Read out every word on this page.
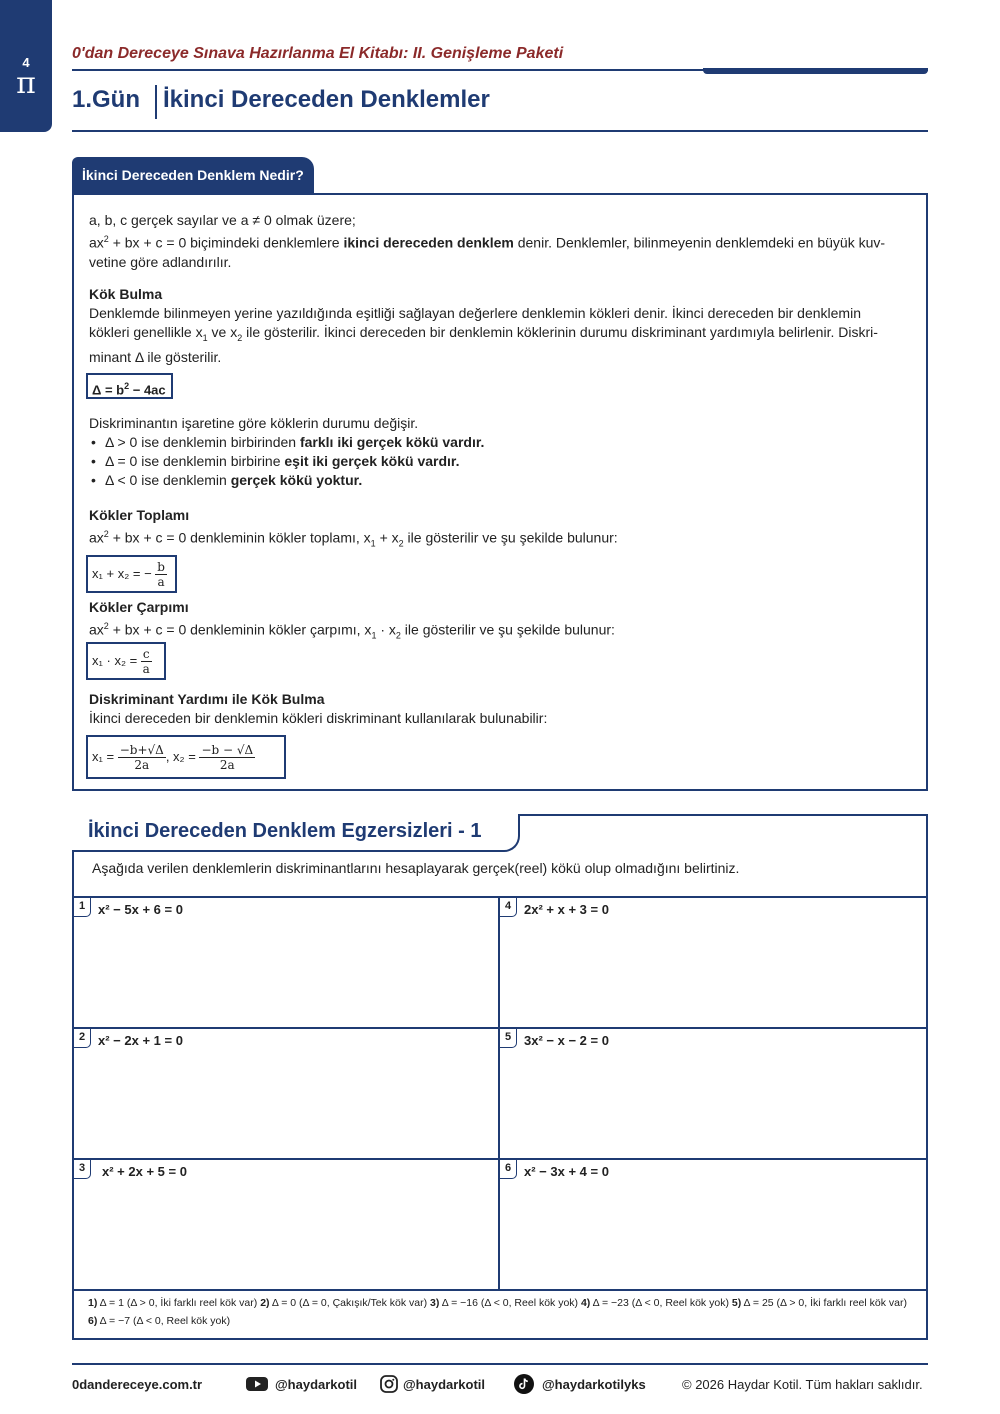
4
π
0'dan Dereceye Sınava Hazırlanma El Kitabı: II. Genişleme Paketi
1.Gün İkinci Dereceden Denklemler
İkinci Dereceden Denklem Nedir?
a, b, c gerçek sayılar ve a ≠ 0 olmak üzere;
$ax^2$ + bx + c = 0 biçimindeki denklemlere ikinci dereceden denklem denir. Denklemler, bilinmeyenin denklemdeki en büyük kuv-
vetine göre adlandırılır.
Kök Bulma
Denklemde bilinmeyen yerine yazıldığında eşitliği sağlayan değerlere denklemin kökleri denir. İkinci dereceden bir denklemin
kökleri genellikle $x_1$ ve $x_2$ ile gösterilir. İkinci dereceden bir denklemin köklerinin durumu diskriminant yardımıyla belirlenir. Diskri-
minant Δ ile gösterilir.
$\Delta = b^2 - 4ac$
Diskriminantın işaretine göre köklerin durumu değişir.
• Δ > 0 ise denklemin birbirinden farklı iki gerçek kökü vardır.
• Δ = 0 ise denklemin birbirine eşit iki gerçek kökü vardır.
• Δ < 0 ise denklemin gerçek kökü yoktur.
Kökler Toplamı
$ax^2$ + bx + c = 0 denkleminin kökler toplamı, $x_1 + x_2$ ile gösterilir ve şu şekilde bulunur:
x₁ + x₂ = − $\frac{b}{a}$
Kökler Çarpımı
$ax^2$ + bx + c = 0 denkleminin kökler çarpımı, $x_1 \cdot x_2$ ile gösterilir ve şu şekilde bulunur:
$x_1 \cdot x_2 = \frac{c}{a}$
Diskriminant Yardımı ile Kök Bulma
İkinci dereceden bir denklemin kökleri diskriminant kullanılarak bulunabilir:
$x_1 = \frac{-b+√\Delta}{2a}$ , $x_2 = \frac{-b - √\Delta}{2a}$
İkinci Dereceden Denklem Egzersizleri - 1
Aşağıda verilen denklemlerin diskriminantlarını hesaplayarak gerçek(reel) kökü olup olmadığını belirtiniz.
1 x² − 5x + 6 = 0
2 x² − 2x + 1 = 0
3	x² + 2x + 5 = 0
4 2x² + x + 3 = 0
5 3x² − x − 2 = 0
6 x² − 3x + 4 = 0
1) Δ = 1 (Δ > 0, İki farklı reel kök var) 2) Δ = 0 (Δ = 0, Çakışık/Tek kök var) 3) Δ = −16 (Δ < 0, Reel kök yok) 4) Δ = −23 (Δ < 0, Reel kök yok) 5) Δ = 25 (Δ > 0, İki farklı reel kök var) 6) Δ = −7 (Δ < 0, Reel kök yok)
0dandereceye.com.tr	@haydarkotil	@haydarkotil	@haydarkotilyks	© 2026 Haydar Kotil. Tüm hakları saklıdır.
